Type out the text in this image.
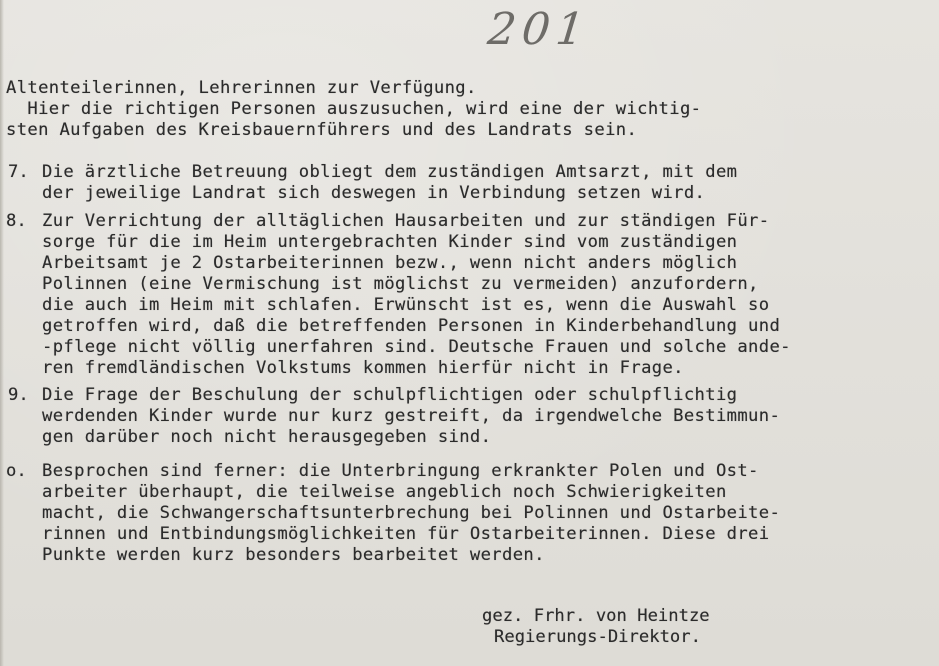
201
Altenteilerinnen, Lehrerinnen zur Verfügung.
Hier die richtigen Personen auszusuchen, wird eine der wichtig-
sten Aufgaben des Kreisbauernführers und des Landrats sein.
7. Die ärztliche Betreuung obliegt dem zuständigen Amtsarzt, mit dem
der jeweilige Landrat sich deswegen in Verbindung setzen wird.
8. Zur Verrichtung der alltäglichen Hausarbeiten und zur ständigen Für-
sorge für die im Heim untergebrachten Kinder sind vom zuständigen
Arbeitsamt je 2 Ostarbeiterinnen bezw., wenn nicht anders möglich
Polinnen (eine Vermischung ist möglichst zu vermeiden) anzufordern,
die auch im Heim mit schlafen. Erwünscht ist es, wenn die Auswahl so
getroffen wird, daß die betreffenden Personen in Kinderbehandlung und
-pflege nicht völlig unerfahren sind. Deutsche Frauen und solche ande-
ren fremdländischen Volkstums kommen hierfür nicht in Frage.
9. Die Frage der Beschulung der schulpflichtigen oder schulpflichtig
werdenden Kinder wurde nur kurz gestreift, da irgendwelche Bestimmun-
gen darüber noch nicht herausgegeben sind.
o. Besprochen sind ferner: die Unterbringung erkrankter Polen und Ost-
arbeiter überhaupt, die teilweise angeblich noch Schwierigkeiten
macht, die Schwangerschaftsunterbrechung bei Polinnen und Ostarbeite-
rinnen und Entbindungsmöglichkeiten für Ostarbeiterinnen. Diese drei
Punkte werden kurz besonders bearbeitet werden.
gez. Frhr. von Heintze
Regierungs-Direktor.
